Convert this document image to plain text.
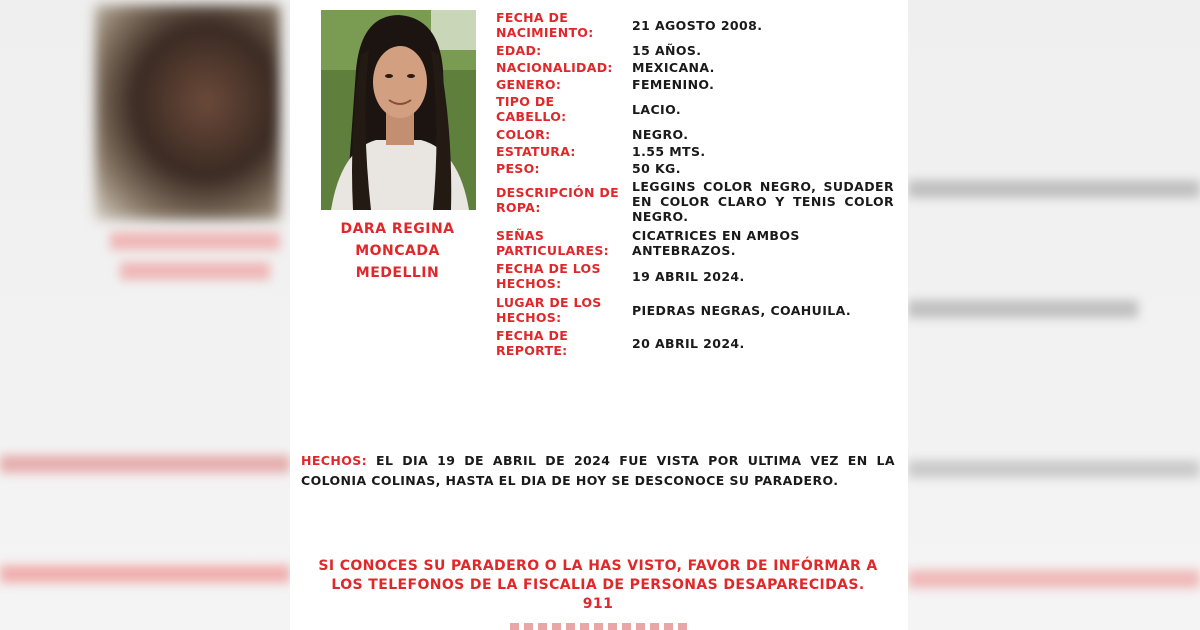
DARA REGINA
MONCADA
MEDELLIN
FECHA DE NACIMIENTO:	21 AGOSTO 2008.
EDAD:	15 AÑOS.
NACIONALIDAD:	MEXICANA.
GENERO:	FEMENINO.
TIPO DE CABELLO:	LACIO.
COLOR:	NEGRO.
ESTATURA:	1.55 MTS.
PESO:	50 KG.
DESCRIPCIÓN DE ROPA:
LEGGINS COLOR NEGRO, SUDADER EN COLOR CLARO Y TENIS COLOR NEGRO.
SEÑAS PARTICULARES:
CICATRICES EN AMBOS ANTEBRAZOS.
FECHA DE LOS HECHOS:	19 ABRIL 2024.
LUGAR DE LOS HECHOS:	PIEDRAS NEGRAS, COAHUILA.
FECHA DE REPORTE:	20 ABRIL 2024.
HECHOS: EL DIA 19 DE ABRIL DE 2024 FUE VISTA POR ULTIMA VEZ EN LA COLONIA COLINAS, HASTA EL DIA DE HOY SE DESCONOCE SU PARADERO.
SI CONOCES SU PARADERO O LA HAS VISTO, FAVOR DE INFÓRMAR A
LOS TELEFONOS DE LA FISCALIA DE PERSONAS DESAPARECIDAS.
911
